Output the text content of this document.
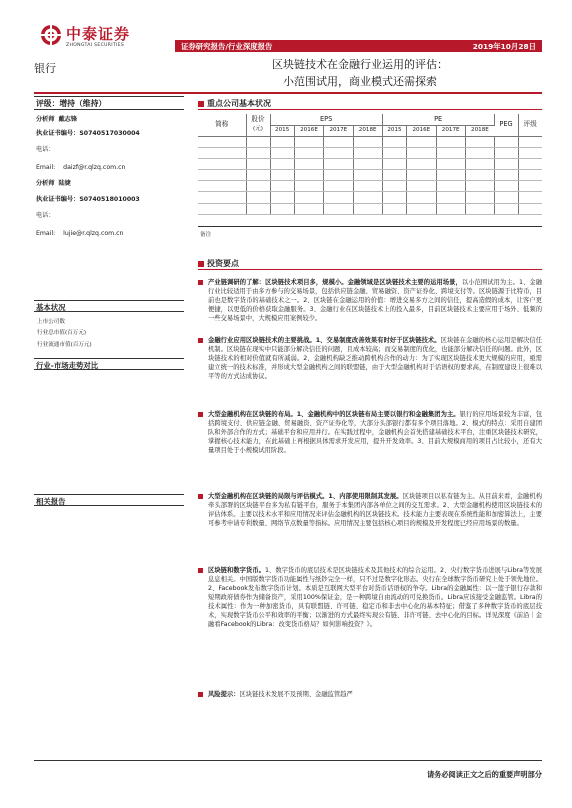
中泰证券
ZHONGTAI SECURITIES	证券研究报告/行业深度报告	2019年10月28日
银行	区块链技术在金融行业运用的评估：
小范围试用，商业模式还需探索
评级：增持（维持）
分析师 戴志锋
执业证书编号：S0740517030004
电话：
Email: daizf@r.qlzq.com.cn
分析师 陆婕
执业证书编号：S0740518010003
电话：
Email: lujie@r.qlzq.com.cn
基本状况
上市公司数
行业总市值(百万元)
行业流通市值(百万元)
行业-市场走势对比
相关报告
重点公司基本状况
简称	股价	EPS				PE				PEG	评级
	(元)	2015	2016E	2017E	2018E	2015	2016E	2017E	2018E		

备注
投资要点
产业链调研的了解：区块链技术项目多，规模小。金融领域是区块链技术主要的运用场景，以小范围试用为主。1、金融行业比较适用于由多方参与的交易场景，包括供应链金融、贸易融资、资产证券化、跨境支付等。区块链源于比特币，目前也是数字货币的基础技术之一。2、区块链在金融运用的价值：增进交易多方之间的信任，提高造假的成本，让客户更便捷，以更低的价格获取金融服务。3、金融行业在区块链技术上的投入最多，目前区块链技术主要应用于场外、低频的一些交易场景中，大规模应用案例较少。
金融行业应用区块链技术的主要挑战。1、交易制度改善效果有时好于区块链技术。区块链在金融的核心运用是解决信任机制。区块链在现实中只能部分解决信任的问题，且成本较高；而交易制度的优化，也能部分解决信任的问题。此外，区块链技术的相对价值就有所减弱。2、金融机构缺乏推动跨机构合作的动力：为了实现区块链技术更大规模的应用，亟需建立统一的技术标准，并形成大型金融机构之间的联盟链，由于大型金融机构对于话语权的要求高，在制度建设上很难以平等的方式达成协议。
大型金融机构在区块链的布局。1、金融机构中的区块链布局主要以银行和金融集团为主。银行的应用场景较为丰富，包括跨境支付、供应链金融、贸易融资、资产证券化等，大部分头部银行都有多个项目落地。2、模式的特点：采用自建团队和外部合作的方式；基础平台和应用并行。在实践过程中，金融机构会首先搭建基础技术平台，注重区块链技术研究，掌握核心技术能力，在此基础上再根据具体需求开发应用，提升开发效率。3、目前大规模商用的项目占比较小，还有大量项目处于小规模试用阶段。
大型金融机构在区块链的局限与评估模式。1、内部使用限制其发展。区块链项目以私有链为主。从目前来看，金融机构牵头部署的区块链平台多为私有链平台，服务于本集团内部各单位之间的交互需求。2、大型金融机构使用区块链技术的评估体系。主要以技术水平和应用情况来评估金融机构的区块链技术。技术能力主要表现在系统性能和加密算法上，主要可参考申请专利数量、网络节点数量等指标。应用情况主要包括核心项目的规模及开发程度已经应用场景的数量。
区块链和数字货币。1、数字货币的底层技术是区块链技术及其他技术的综合运用。2、央行数字货币进展与Libra等发展息息相关。中国版数字货币功能属性与纸钞完全一样，只不过是数字化形态。央行在全球数字货币研究上处于领先地位。2、Facebook发布数字货币计划。本质是互联网大型平台对货币话语权的争夺。Libra的金融属性：以一篮子银行存款和短期政府债券作为储备资产，采用100%保证金，是一种跨境自由流动的可兑换货币。Libra应该接受金融监管。Libra的技术属性：作为一种加密货币，具有联盟链、许可链、稳定币和非去中心化的基本特征；借鉴了多种数字货币的底层技术，实现数字货币公平和效率的平衡；以渐进的方式最终实现公有链、非许可链、去中心化的目标。详见深度《前沿｜金融看Facebook的Libra：改变货币格局？如何影响投资？》。
风险提示：区块链技术发展不及预期、金融监管趋严
请务必阅读正文之后的重要声明部分
